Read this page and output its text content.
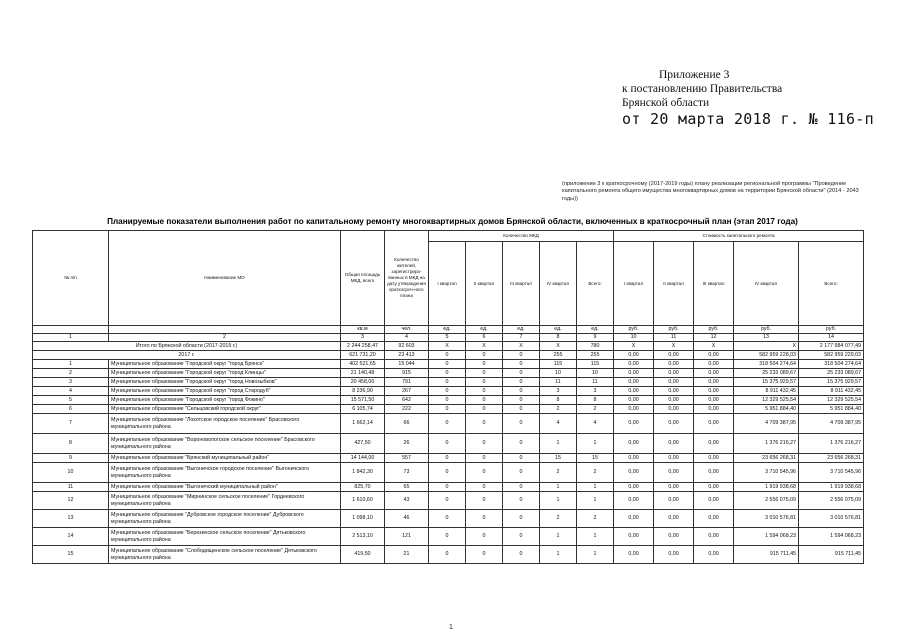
Приложение 3
к постановлению Правительства
Брянской области
от 20 марта 2018 г. № 116-п
(приложение 3 к краткосрочному (2017-2019 годы) плану реализации региональной программы "Проведение капитального ремонта общего имущества многоквартирных домов на территории Брянской области" (2014 - 2043 годы))
Планируемые показатели выполнения работ по капитальному ремонту многоквартирных домов Брянской области, включенных в краткосрочный план (этап 2017 года)
№ п/п	Наименование МО	Общая площадь МКД, всего	Количество жителей, зарегистриро-ванных в МКД на дату утверждения краткосроч-ного плана	Количество МКД					Стоимость капитального ремонта				
				I квартал	II квартал	III квартал	IV квартал	Всего:	I квартал	II квартал	III квартал	IV квартал	Всего:
		кв.м	чел.	ед.	ед.	ед.	ед.	ед.	руб.	руб.	руб.	руб.	руб.
1	2	3	4	5	6	7	8	9	10	11	12	13	14
Итого по Брянской области (2017-2019 г.)		2 244 258,47	92 603	X	X	X	X	780	X	X	X	X	2 177 984 077,49
2017 г.		621 731,20	23 413	0	0	0	255	255	0,00	0,00	0,00	582 959 228,03	582 959 229,03
1	Муниципальное образование "Городской округ "город Брянск"	402 521,65	15 044	0	0	0	115	115	0,00	0,00	0,00	318 504 274,64	318 504 274,64
2	Муниципальное образование "Городской округ "город Клинцы"	21 140,48	915	0	0	0	10	10	0,00	0,00	0,00	25 233 089,67	25 233 089,67
3	Муниципальное образование "Городской округ "город Новозыбков"	20 458,00	791	0	0	0	11	11	0,00	0,00	0,00	15 375 929,57	15 375 929,57
4	Муниципальное образование "Городской округ "город Стародуб"	8 236,90	267	0	0	0	3	3	0,00	0,00	0,00	8 911 432,45	8 911 432,45
5	Муниципальное образование "Городской округ "город Фокино"	15 571,50	642	0	0	0	8	8	0,00	0,00	0,00	12 329 525,54	12 329 525,54
6	Муниципальное образование "Сельцовский городской округ"	6 105,74	222	0	0	0	2	2	0,00	0,00	0,00	5 951 884,40	5 951 884,40
7	Муниципальное образование "Локотское городское поселение" Брасовского муниципального района	1 662,14	66	0	0	0	4	4	0,00	0,00	0,00	4 709 387,95	4 709 387,95
8	Муниципальное образование "Вороновологское сельское поселение" Брасовского муниципального района	427,50	26	0	0	0	1	1	0,00	0,00	0,00	1 376 216,27	1 376 216,27
9	Муниципальное образование "Брянский муниципальный район"	14 144,00	557	0	0	0	15	15	0,00	0,00	0,00	23 656 268,31	23 656 268,31
10	Муниципальное образование "Выгоничское городское поселение" Выгоничского муниципального района	1 842,30	73	0	0	0	2	2	0,00	0,00	0,00	3 710 545,96	3 710 545,96
11	Муниципальное образование "Выгоничский муниципальный район"	825,70	65	0	0	0	1	1	0,00	0,00	0,00	1 919 938,68	1 919 938,68
12	Муниципальное образование "Мирнинское сельское поселение" Гордеевского муниципального района	1 610,60	43	0	0	0	1	1	0,00	0,00	0,00	2 556 075,09	2 556 075,09
13	Муниципальное образование "Дубровское городское поселение" Дубровского муниципального района	1 098,10	46	0	0	0	2	2	0,00	0,00	0,00	3 010 576,81	3 010 576,81
14	Муниципальное образование "Березинское сельское поселение" Дятьковского муниципального района	2 513,10	121	0	0	0	1	1	0,00	0,00	0,00	1 594 068,23	1 594 068,23
15	Муниципальное образование "Слободищенское сельское поселение" Дятьковского муниципального района	419,50	21	0	0	0	1	1	0,00	0,00	0,00	915 711,45	915 711,45
1
